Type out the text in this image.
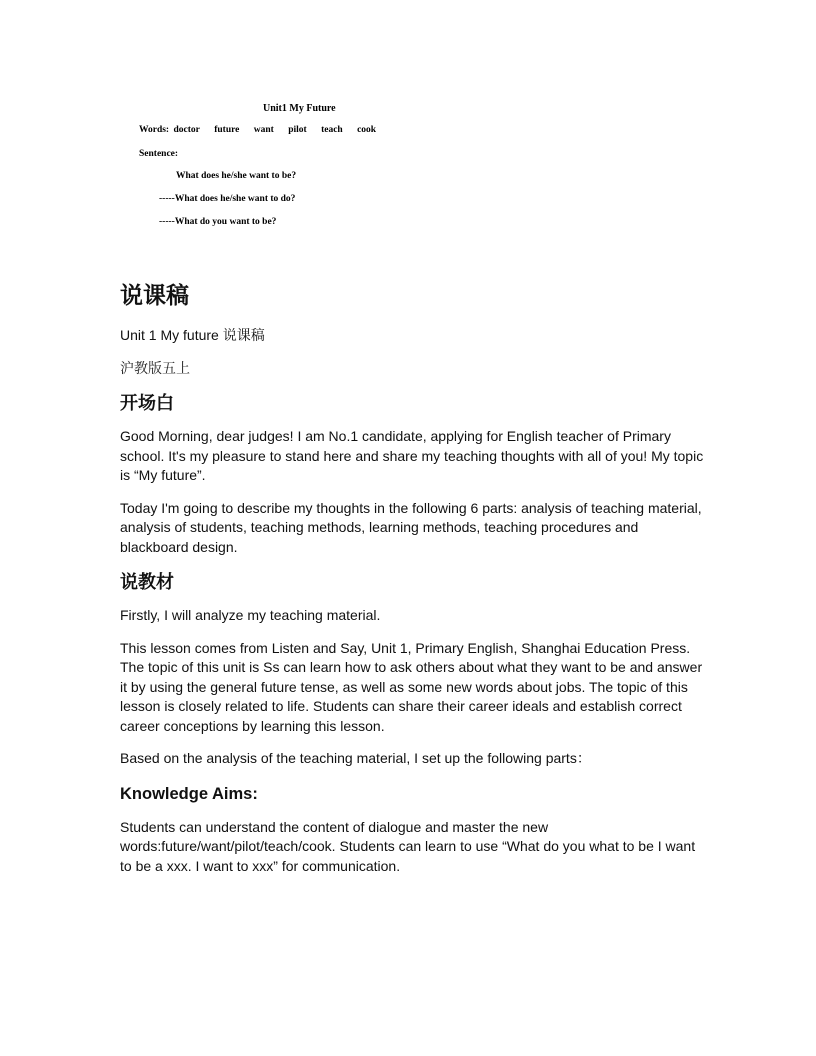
Unit1 My Future
Words: doctor future want pilot teach cook
Sentence:
What does he/she want to be?
-----What does he/she want to do?
-----What do you want to be?
说课稿

Unit 1 My future 说课稿

沪教版五上

开场白

Good Morning, dear judges! I am No.1 candidate, applying for English teacher of Primary school. It's my pleasure to stand here and share my teaching thoughts with all of you! My topic is “My future”.

Today I'm going to describe my thoughts in the following 6 parts: analysis of teaching material, analysis of students, teaching methods, learning methods, teaching procedures and blackboard design.

说教材

Firstly, I will analyze my teaching material.

This lesson comes from Listen and Say, Unit 1, Primary English, Shanghai Education Press. The topic of this unit is Ss can learn how to ask others about what they want to be and answer it by using the general future tense, as well as some new words about jobs. The topic of this lesson is closely related to life. Students can share their career ideals and establish correct career conceptions by learning this lesson.

Based on the analysis of the teaching material, I set up the following parts：

Knowledge Aims:

Students can understand the content of dialogue and master the new words:future/want/pilot/teach/cook. Students can learn to use “What do you what to be I want to be a xxx. I want to xxx” for communication.
